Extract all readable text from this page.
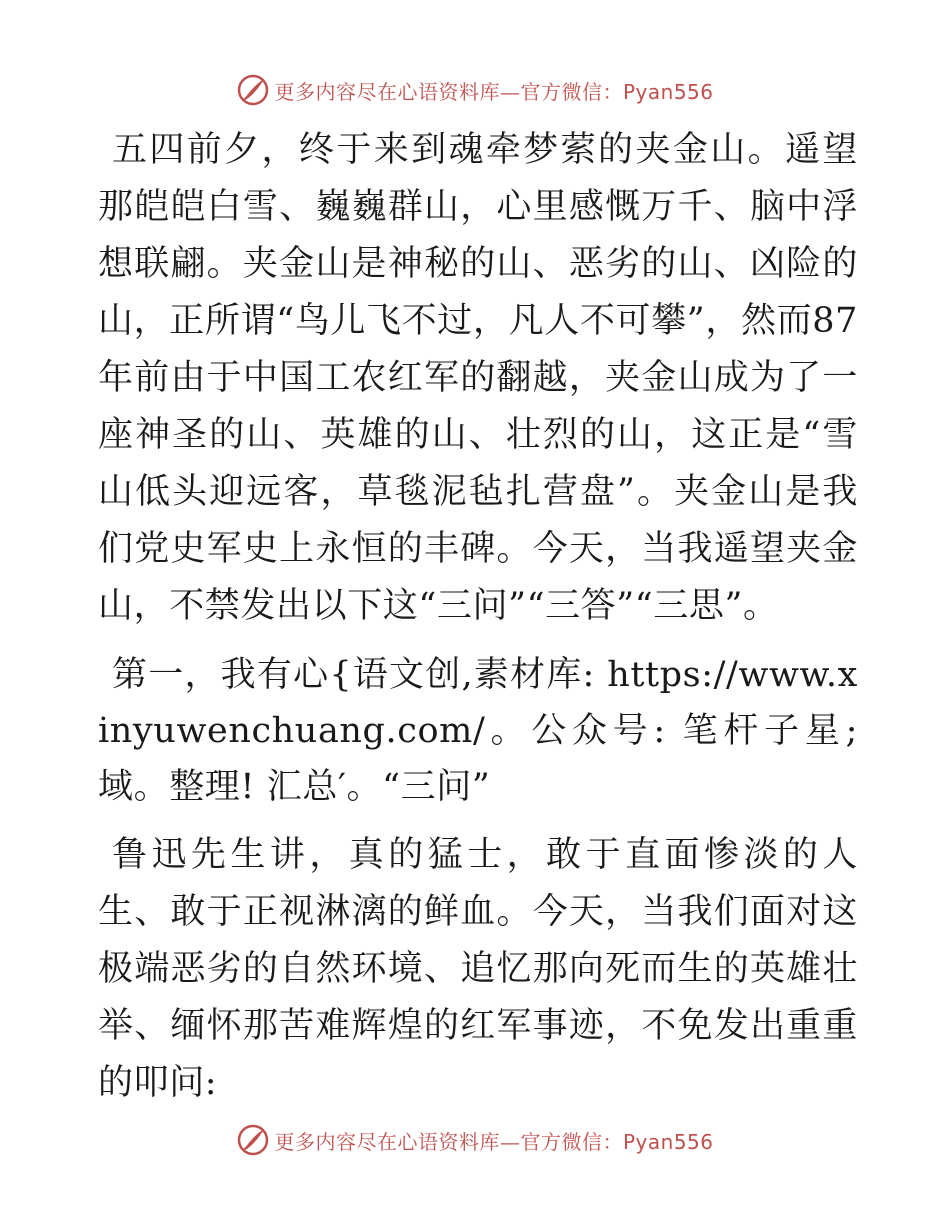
更多内容尽在心语资料库—官方微信：Pyan556

五四前夕，终于来到魂牵梦萦的夹金山。遥望那皑皑白雪、巍巍群山，心里感慨万千、脑中浮想联翩。夹金山是神秘的山、恶劣的山、凶险的山，正所谓“鸟儿飞不过，凡人不可攀”，然而87年前由于中国工农红军的翻越，夹金山成为了一座神圣的山、英雄的山、壮烈的山，这正是“雪山低头迎远客，草毯泥毡扎营盘”。夹金山是我们党史军史上永恒的丰碑。今天，当我遥望夹金山，不禁发出以下这“三问”“三答”“三思”。

第一，我有心{语文创,素材库: https://www.xinyuwenchuang.com/。公众号: 笔杆子星;域。整理! 汇总′。“三问”

鲁迅先生讲，真的猛士，敢于直面惨淡的人生、敢于正视淋漓的鲜血。今天，当我们面对这极端恶劣的自然环境、追忆那向死而生的英雄壮举、缅怀那苦难辉煌的红军事迹，不免发出重重的叩问:

更多内容尽在心语资料库—官方微信：Pyan556
